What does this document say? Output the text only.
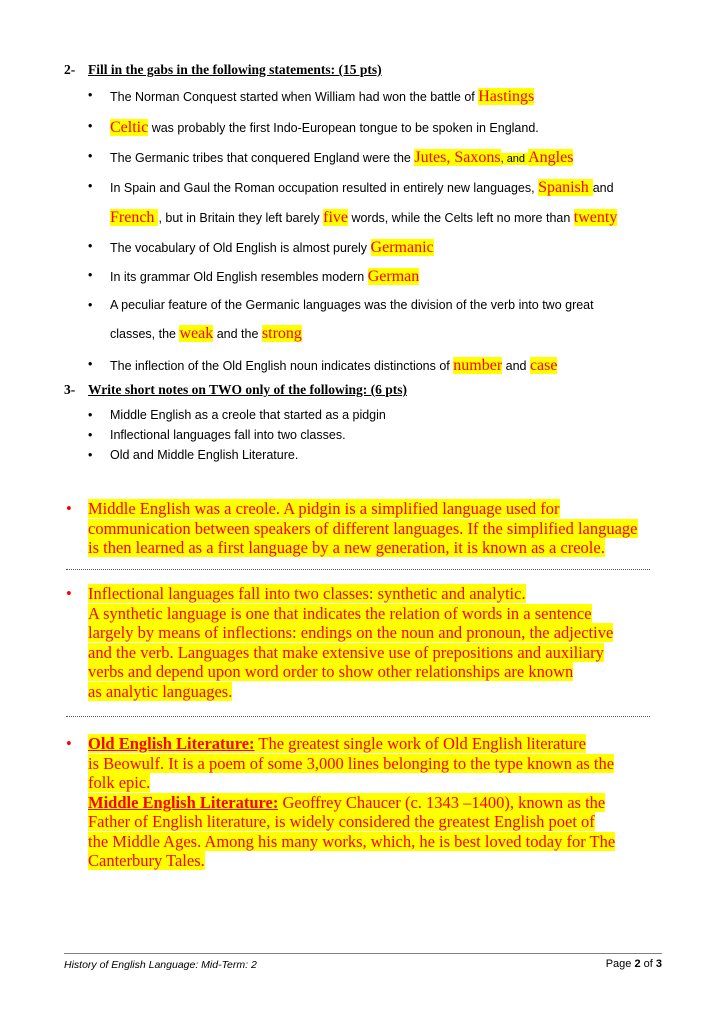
2- Fill in the gabs in the following statements: (15 pts)
• The Norman Conquest started when William had won the battle of Hastings
• Celtic was probably the first Indo-European tongue to be spoken in England.
• The Germanic tribes that conquered England were the Jutes, Saxons, and Angles
• In Spain and Gaul the Roman occupation resulted in entirely new languages, Spanish and
French , but in Britain they left barely five words, while the Celts left no more than twenty
• The vocabulary of Old English is almost purely Germanic
• In its grammar Old English resembles modern German
• A peculiar feature of the Germanic languages was the division of the verb into two great
classes, the weak and the strong
• The inflection of the Old English noun indicates distinctions of number and case
3- Write short notes on TWO only of the following: (6 pts)
• Middle English as a creole that started as a pidgin
• Inflectional languages fall into two classes.
• Old and Middle English Literature.
• Middle English was a creole. A pidgin is a simplified language used for
communication between speakers of different languages. If the simplified language
is then learned as a first language by a new generation, it is known as a creole.
• Inflectional languages fall into two classes: synthetic and analytic.
A synthetic language is one that indicates the relation of words in a sentence
largely by means of inflections: endings on the noun and pronoun, the adjective
and the verb. Languages that make extensive use of prepositions and auxiliary
verbs and depend upon word order to show other relationships are known
as analytic languages.
• Old English Literature: The greatest single work of Old English literature
is Beowulf. It is a poem of some 3,000 lines belonging to the type known as the
folk epic.
Middle English Literature: Geoffrey Chaucer (c. 1343 –1400), known as the
Father of English literature, is widely considered the greatest English poet of
the Middle Ages. Among his many works, which, he is best loved today for The
Canterbury Tales.
History of English Language: Mid-Term: 2	Page 2 of 3
